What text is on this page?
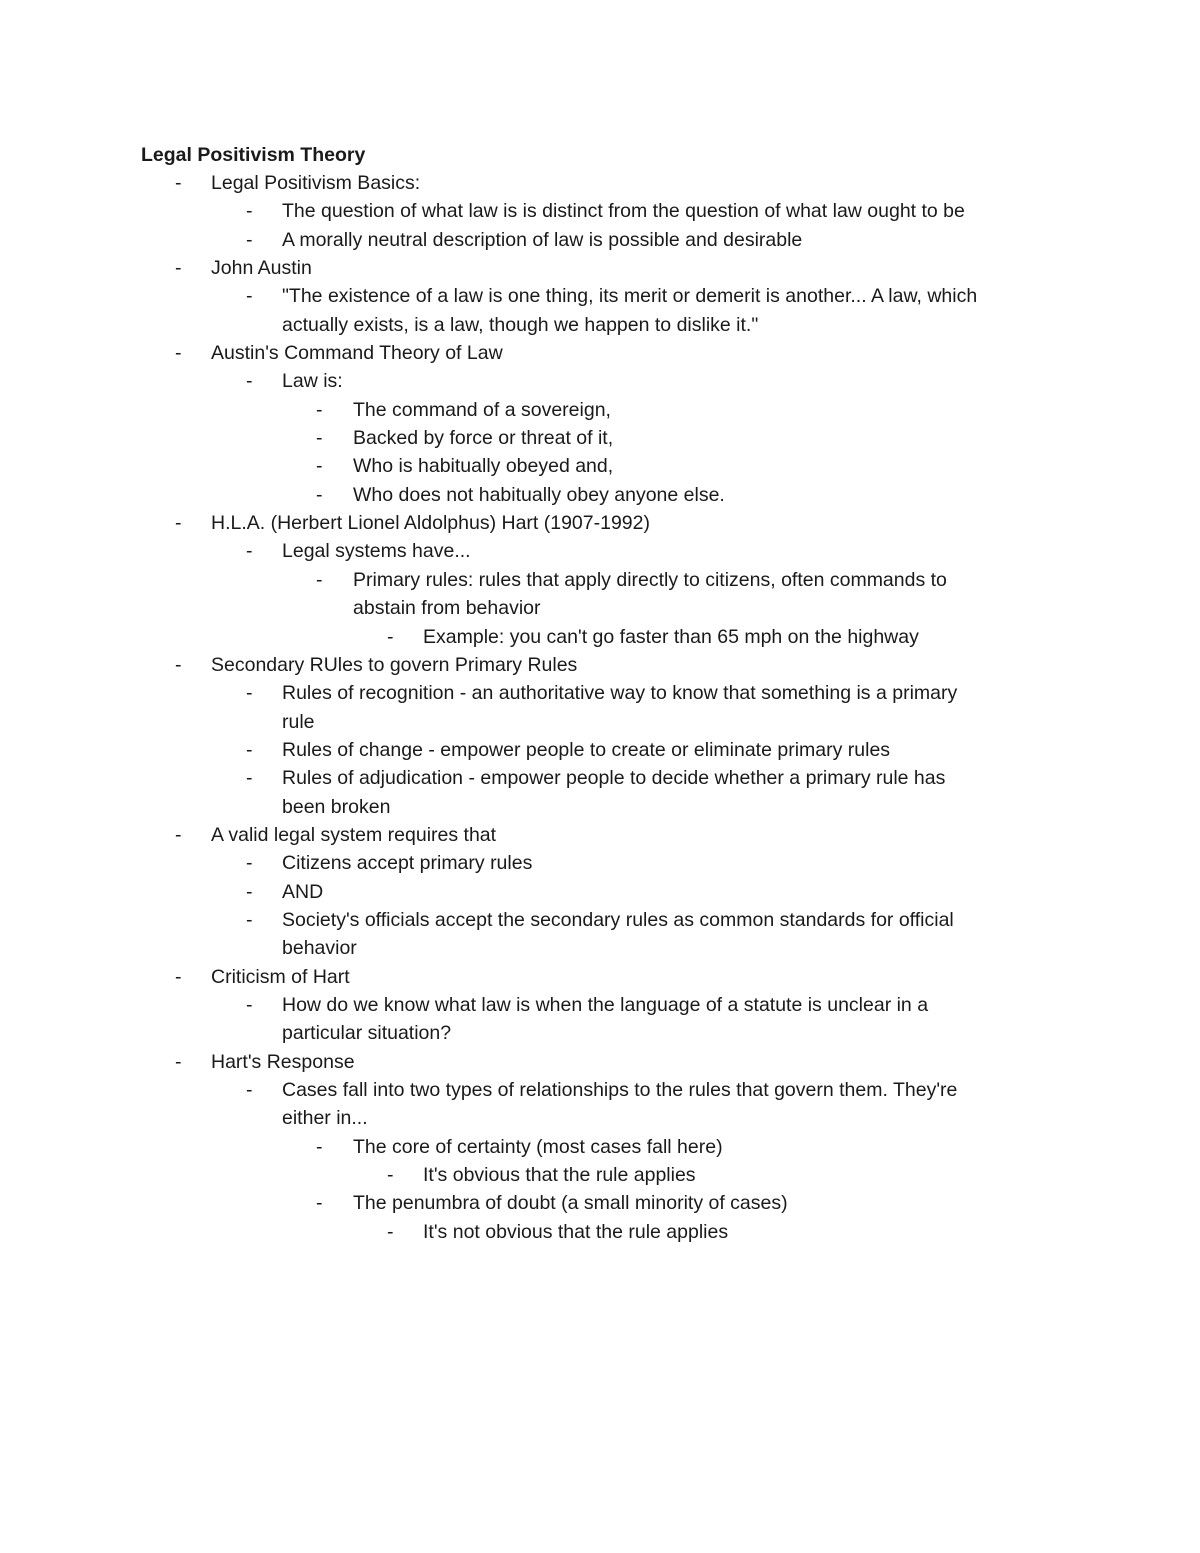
Legal Positivism Theory
- Legal Positivism Basics:
- The question of what law is is distinct from the question of what law ought to be
- A morally neutral description of law is possible and desirable
- John Austin
- "The existence of a law is one thing, its merit or demerit is another... A law, which
actually exists, is a law, though we happen to dislike it."
- Austin's Command Theory of Law
- Law is:
- The command of a sovereign,
- Backed by force or threat of it,
- Who is habitually obeyed and,
- Who does not habitually obey anyone else.
- H.L.A. (Herbert Lionel Aldolphus) Hart (1907-1992)
- Legal systems have...
- Primary rules: rules that apply directly to citizens, often commands to
abstain from behavior
- Example: you can't go faster than 65 mph on the highway
- Secondary RUles to govern Primary Rules
- Rules of recognition - an authoritative way to know that something is a primary
rule
- Rules of change - empower people to create or eliminate primary rules
- Rules of adjudication - empower people to decide whether a primary rule has
been broken
- A valid legal system requires that
- Citizens accept primary rules
- AND
- Society's officials accept the secondary rules as common standards for official
behavior
- Criticism of Hart
- How do we know what law is when the language of a statute is unclear in a
particular situation?
- Hart's Response
- Cases fall into two types of relationships to the rules that govern them. They're
either in...
- The core of certainty (most cases fall here)
- It's obvious that the rule applies
- The penumbra of doubt (a small minority of cases)
- It's not obvious that the rule applies
